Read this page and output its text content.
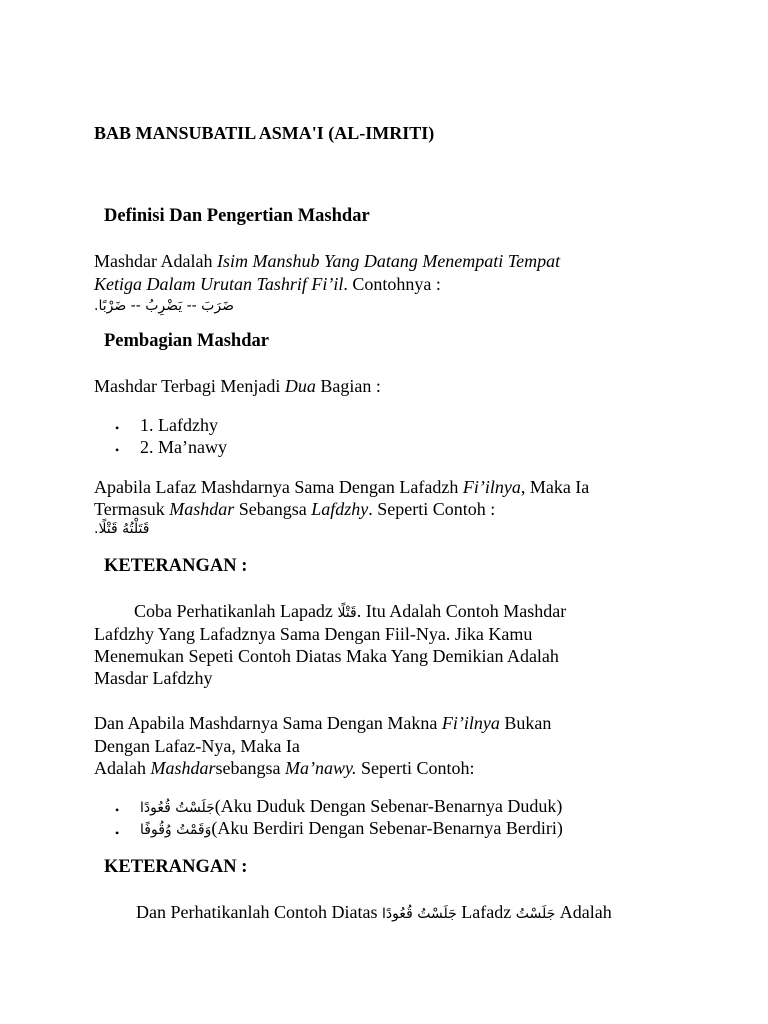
BAB MANSUBATIL ASMA'I (AL-IMRITI)
Definisi Dan Pengertian Mashdar
Mashdar Adalah Isim Manshub Yang Datang Menempati Tempat
Ketiga Dalam Urutan Tashrif Fi’il. Contohnya :
ﺿَﺮَﺏَ -- ﻳَﻀْﺮِﺏُ -- ﺿَﺮْﺑًﺎ.
Pembagian Mashdar
Mashdar Terbagi Menjadi Dua Bagian :
• 1. Lafdzhy
• 2. Ma’nawy
Apabila Lafaz Mashdarnya Sama Dengan Lafadzh Fi’ilnya, Maka Ia
Termasuk Mashdar Sebangsa Lafdzhy. Seperti Contoh :
ﻗَﺘَﻠْﺘُﻪُ ﻗَﺘْﻠًﺎ.
KETERANGAN :
Coba Perhatikanlah Lapadz ﻗَﺘْﻠًﺎ. Itu Adalah Contoh Mashdar
Lafdzhy Yang Lafadznya Sama Dengan Fiil-Nya. Jika Kamu
Menemukan Sepeti Contoh Diatas Maka Yang Demikian Adalah
Masdar Lafdzhy
Dan Apabila Mashdarnya Sama Dengan Makna Fi’ilnya Bukan
Dengan Lafaz-Nya, Maka Ia
Adalah Mashdarsebangsa Ma’nawy. Seperti Contoh:
• ﺟَﻠَﺴْﺖُ ﻗُﻌُﻮﺩًﺍ(Aku Duduk Dengan Sebenar-Benarnya Duduk)
• ﻭَﻗَﻤْﺖُ ﻭُﻗُﻮﻓًﺎ(Aku Berdiri Dengan Sebenar-Benarnya Berdiri)
KETERANGAN :
Dan Perhatikanlah Contoh Diatas ﺟَﻠَﺴْﺖُ ﻗُﻌُﻮﺩًﺍ Lafadz ﺟَﻠَﺴْﺖُ Adalah
